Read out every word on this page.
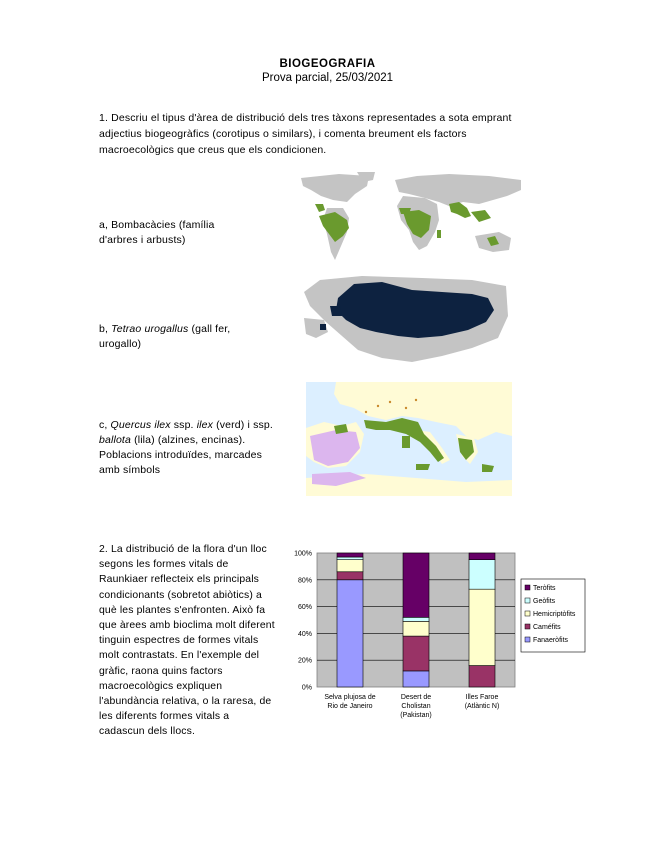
BIOGEOGRAFIA
Prova parcial, 25/03/2021
1. Descriu el tipus d'àrea de distribució dels tres tàxons representades a sota emprant adjectius biogeogràfics (corotipus o similars), i comenta breument els factors macroecològics que creus que els condicionen.
a, Bombacàcies (família d'arbres i arbusts)
b, Tetrao urogallus (gall fer, urogallo)
c, Quercus ilex ssp. ilex (verd) i ssp. ballota (lila) (alzines, encinas). Poblacions introduïdes, marcades amb símbols
2. La distribució de la flora d'un lloc segons les formes vitals de Raunkiaer reflecteix els principals condicionants (sobretot abiòtics) a què les plantes s'enfronten. Això fa que àrees amb bioclima molt diferent tinguin espectres de formes vitals molt contrastats. En l'exemple del gràfic, raona quins factors macroecològics expliquen l'abundància relativa, o la raresa, de les diferents formes vitals a cadascun dels llocs.
0%
20%
40%
60%
80%
100%
Selva plujosa de
Rio de Janeiro
Desert de
Cholistan
(Pakistan)
Illes Faroe
(Atlàntic N)
Teròfits
Geòfits
Hemicriptòfits
Caméfits
Fanaeròfits
